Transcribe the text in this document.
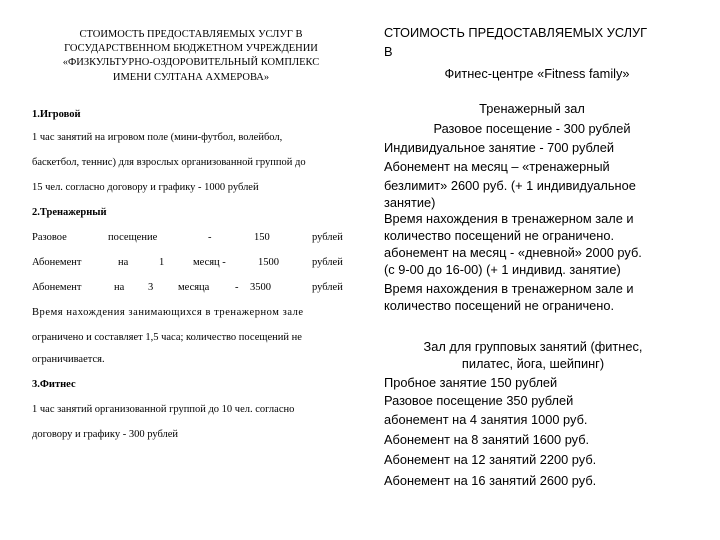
СТОИМОСТЬ ПРЕДОСТАВЛЯЕМЫХ УСЛУГ В
ГОСУДАРСТВЕННОМ БЮДЖЕТНОМ УЧРЕЖДЕНИИ
«ФИЗКУЛЬТУРНО-ОЗДОРОВИТЕЛЬНЫЙ КОМПЛЕКС
ИМЕНИ СУЛТАНА АХМЕРОВА»
1.Игровой
1 час занятий на игровом поле (мини-футбол, волейбол,
баскетбол, теннис) для взрослых организованной группой до
15 чел. согласно договору и графику - 1000 рублей
2.Тренажерный
Разовое	посещение	-	150	рублей
Абонемент	на	1	месяц -	1500	рублей
Абонемент	на 3 месяца - 3500	рублей
Время нахождения занимающихся в тренажерном зале
ограничено и составляет 1,5 часа; количество посещений не
ограничивается.
3.Фитнес
1 час занятий организованной группой до 10 чел. согласно
договору и графику - 300 рублей
СТОИМОСТЬ ПРЕДОСТАВЛЯЕМЫХ УСЛУГ
В
Фитнес-центре «Fitness family»
Тренажерный зал
Разовое посещение - 300 рублей
Индивидуальное занятие - 700 рублей
Абонемент на месяц – «тренажерный
безлимит» 2600 руб. (+ 1 индивидуальное
занятие)
Время нахождения в тренажерном зале и
количество посещений не ограничено.
абонемент на месяц - «дневной» 2000 руб.
(с 9-00 до 16-00) (+ 1 индивид. занятие)
Время нахождения в тренажерном зале и
количество посещений не ограничено.
Зал для групповых занятий (фитнес,
пилатес, йога, шейпинг)
Пробное занятие 150 рублей
Разовое посещение 350 рублей
абонемент на 4 занятия 1000 руб.
Абонемент на 8 занятий 1600 руб.
Абонемент на 12 занятий 2200 руб.
Абонемент на 16 занятий 2600 руб.
